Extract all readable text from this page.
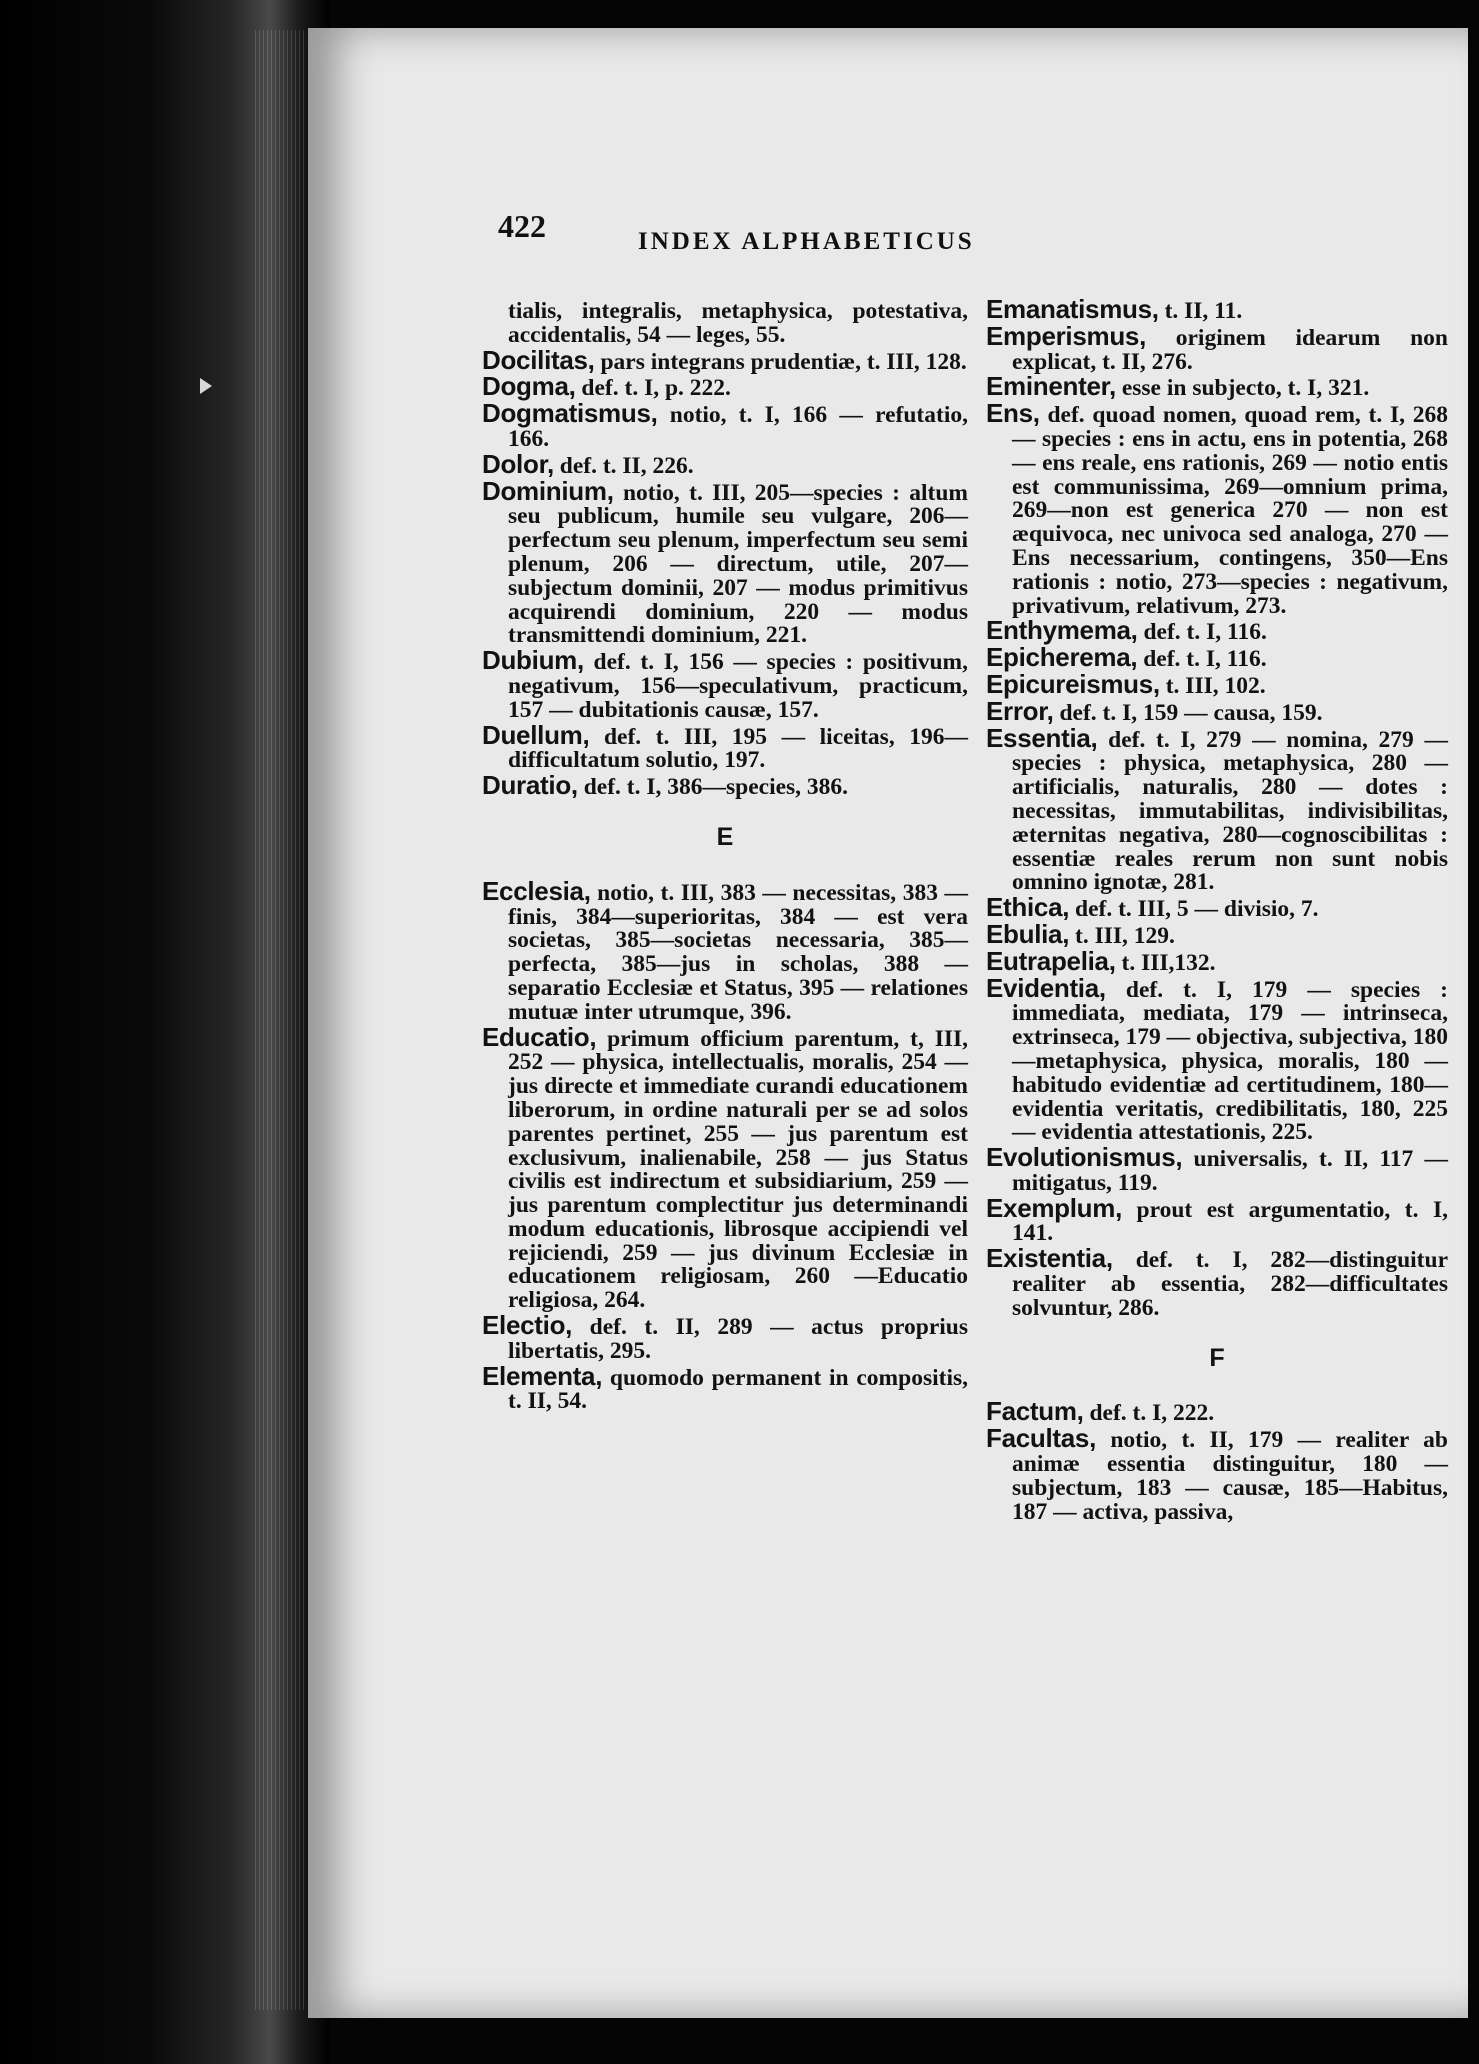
422	INDEX ALPHABETICUS

tialis, integralis, metaphysica, potestativa, accidentalis, 54 — leges, 55.

Docilitas, pars integrans prudentiæ, t. III, 128.

Dogma, def. t. I, p. 222.

Dogmatismus, notio, t. I, 166 — refutatio, 166.

Dolor, def. t. II, 226.

Dominium, notio, t. III, 205—species : altum seu publicum, humile seu vulgare, 206—perfectum seu plenum, imperfectum seu semi plenum, 206 — directum, utile, 207—subjectum dominii, 207 — modus primitivus acquirendi dominium, 220 — modus transmittendi dominium, 221.

Dubium, def. t. I, 156 — species : positivum, negativum, 156—speculativum, practicum, 157 — dubitationis causæ, 157.

Duellum, def. t. III, 195 — liceitas, 196—difficultatum solutio, 197.

Duratio, def. t. I, 386—species, 386.

E

Ecclesia, notio, t. III, 383 — necessitas, 383 — finis, 384—superioritas, 384 — est vera societas, 385—societas necessaria, 385—perfecta, 385—jus in scholas, 388 — separatio Ecclesiæ et Status, 395 — relationes mutuæ inter utrumque, 396.

Educatio, primum officium parentum, t, III, 252 — physica, intellectualis, moralis, 254 — jus directe et immediate curandi educationem liberorum, in ordine naturali per se ad solos parentes pertinet, 255 — jus parentum est exclusivum, inalienabile, 258 — jus Status civilis est indirectum et subsidiarium, 259 — jus parentum complectitur jus determinandi modum educationis, librosque accipiendi vel rejiciendi, 259 — jus divinum Ecclesiæ in educationem religiosam, 260 —Educatio religiosa, 264.

Electio, def. t. II, 289 — actus proprius libertatis, 295.

Elementa, quomodo permanent in compositis, t. II, 54.

Emanatismus, t. II, 11.

Emperismus, originem idearum non explicat, t. II, 276.

Eminenter, esse in subjecto, t. I, 321.

Ens, def. quoad nomen, quoad rem, t. I, 268 — species : ens in actu, ens in potentia, 268 — ens reale, ens rationis, 269 — notio entis est communissima, 269—omnium prima, 269—non est generica 270 — non est æquivoca, nec univoca sed analoga, 270 — Ens necessarium, contingens, 350—Ens rationis : notio, 273—species : negativum, privativum, relativum, 273.

Enthymema, def. t. I, 116.

Epicherema, def. t. I, 116.

Epicureismus, t. III, 102.

Error, def. t. I, 159 — causa, 159.

Essentia, def. t. I, 279 — nomina, 279 — species : physica, metaphysica, 280 — artificialis, naturalis, 280 — dotes : necessitas, immutabilitas, indivisibilitas, æternitas negativa, 280—cognoscibilitas : essentiæ reales rerum non sunt nobis omnino ignotæ, 281.

Ethica, def. t. III, 5 — divisio, 7.

Ebulia, t. III, 129.

Eutrapelia, t. III,132.

Evidentia, def. t. I, 179 — species : immediata, mediata, 179 — intrinseca, extrinseca, 179 — objectiva, subjectiva, 180—metaphysica, physica, moralis, 180 — habitudo evidentiæ ad certitudinem, 180—evidentia veritatis, credibilitatis, 180, 225 — evidentia attestationis, 225.

Evolutionismus, universalis, t. II, 117 — mitigatus, 119.

Exemplum, prout est argumentatio, t. I, 141.

Existentia, def. t. I, 282—distinguitur realiter ab essentia, 282—difficultates solvuntur, 286.

F

Factum, def. t. I, 222.

Facultas, notio, t. II, 179 — realiter ab animæ essentia distinguitur, 180 — subjectum, 183 — causæ, 185—Habitus, 187 — activa, passiva,
